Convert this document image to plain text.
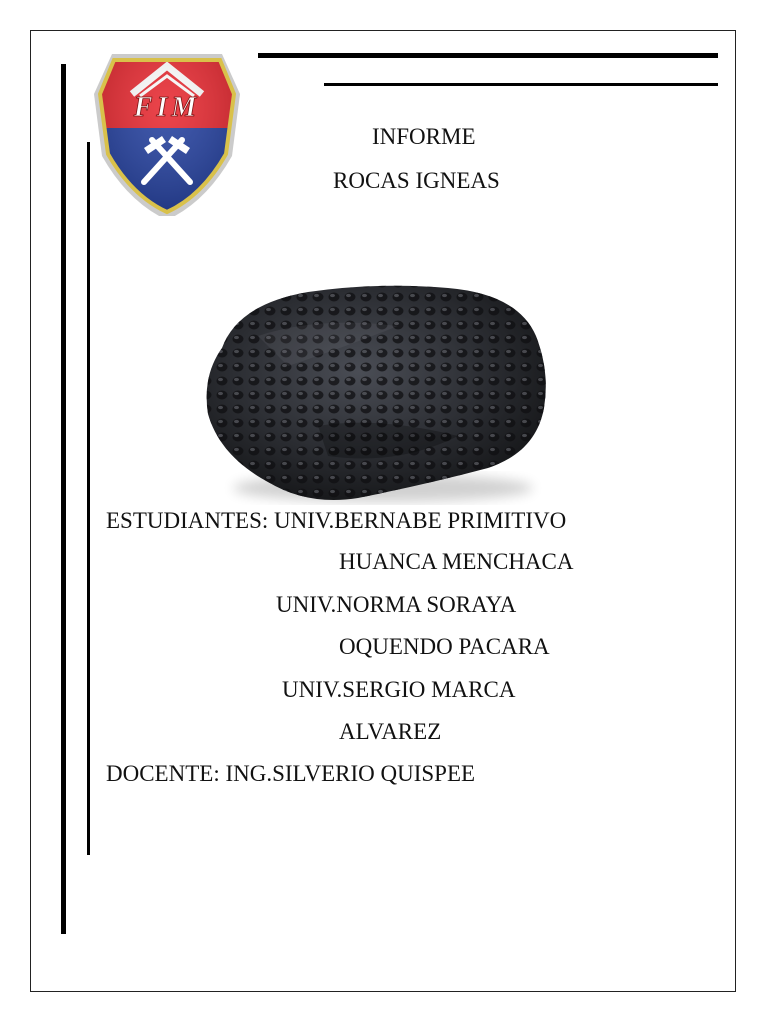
FIM
INFORME
ROCAS IGNEAS
ESTUDIANTES: UNIV.BERNABE PRIMITIVO
HUANCA MENCHACA
UNIV.NORMA SORAYA
OQUENDO PACARA
UNIV.SERGIO MARCA
ALVAREZ
DOCENTE: ING.SILVERIO QUISPEE
